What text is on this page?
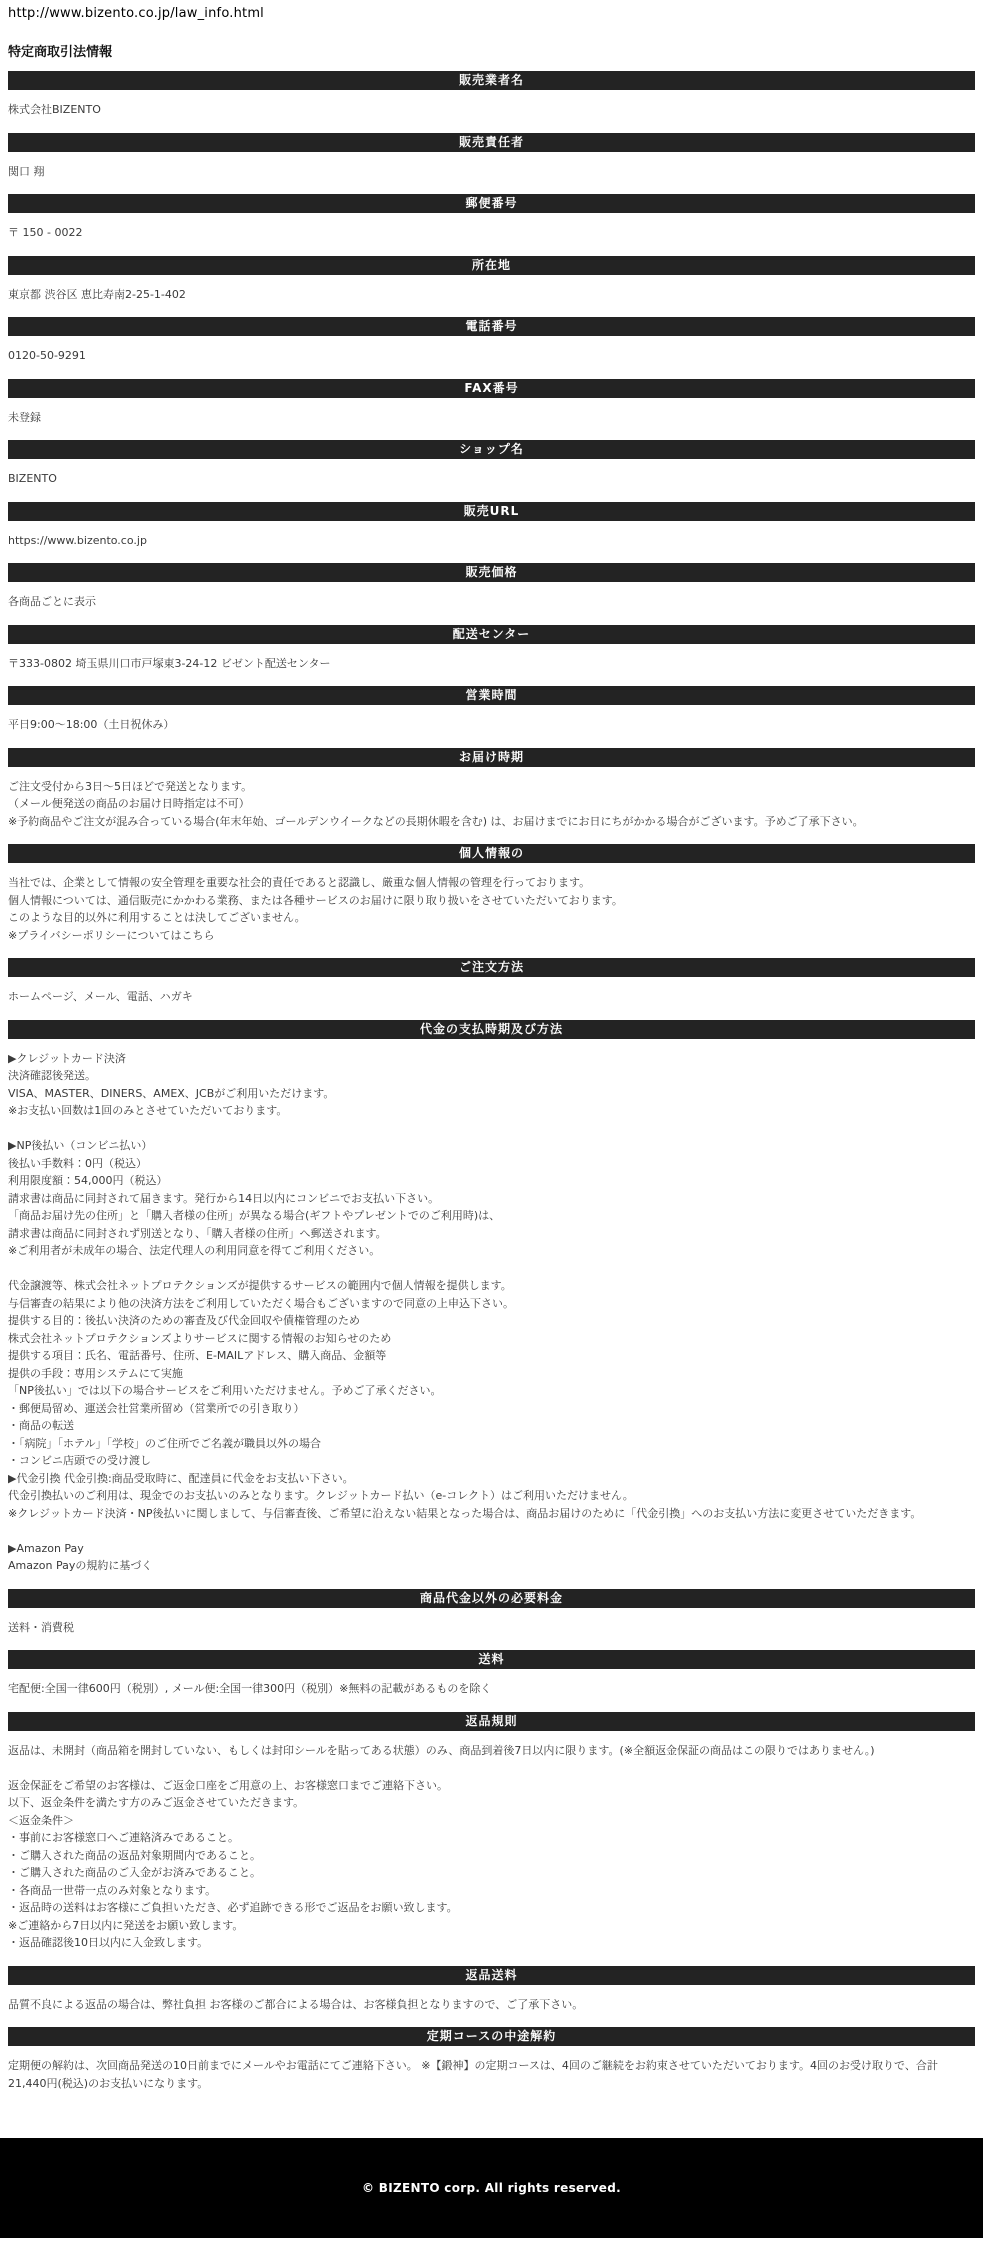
http://www.bizento.co.jp/law_info.html

特定商取引法情報
販売業者名

株式会社BIZENTO

販売責任者

関口 翔

郵便番号

〒 150 - 0022

所在地

東京都 渋谷区 恵比寿南2-25-1-402

電話番号

0120-50-9291

FAX番号

未登録

ショップ名

BIZENTO

販売URL

https://www.bizento.co.jp

販売価格

各商品ごとに表示

配送センター

〒333-0802 埼玉県川口市戸塚東3-24-12 ビゼント配送センター

営業時間

平日9:00～18:00（土日祝休み）

お届け時期

ご注文受付から3日～5日ほどで発送となります。

（メール便発送の商品のお届け日時指定は不可）

※予約商品やご注文が混み合っている場合(年末年始、ゴールデンウイークなどの長期休暇を含む) は、お届けまでにお日にちがかかる場合がございます。予めご了承下さい。

個人情報の

当社では、企業として情報の安全管理を重要な社会的責任であると認識し、厳重な個人情報の管理を行っております。

個人情報については、通信販売にかかわる業務、または各種サービスのお届けに限り取り扱いをさせていただいております。

このような目的以外に利用することは決してございません。

※プライバシーポリシーについてはこちら

ご注文方法

ホームページ、メール、電話、ハガキ

代金の支払時期及び方法

▶クレジットカード決済

決済確認後発送。

VISA、MASTER、DINERS、AMEX、JCBがご利用いただけます。

※お支払い回数は1回のみとさせていただいております。

▶NP後払い（コンビニ払い）

後払い手数料：0円（税込）

利用限度額：54,000円（税込）

請求書は商品に同封されて届きます。発行から14日以内にコンビニでお支払い下さい。

「商品お届け先の住所」と「購入者様の住所」が異なる場合(ギフトやプレゼントでのご利用時)は、

請求書は商品に同封されず別送となり、「購入者様の住所」へ郵送されます。

※ご利用者が未成年の場合、法定代理人の利用同意を得てご利用ください。

代金譲渡等、株式会社ネットプロテクションズが提供するサービスの範囲内で個人情報を提供します。

与信審査の結果により他の決済方法をご利用していただく場合もございますので同意の上申込下さい。

提供する目的：後払い決済のための審査及び代金回収や債権管理のため

株式会社ネットプロテクションズよりサービスに関する情報のお知らせのため

提供する項目：氏名、電話番号、住所、E-MAILアドレス、購入商品、金額等

提供の手段：専用システムにて実施

「NP後払い」では以下の場合サービスをご利用いただけません。予めご了承ください。

・郵便局留め、運送会社営業所留め（営業所での引き取り）

・商品の転送

・「病院」「ホテル」「学校」のご住所でご名義が職員以外の場合

・コンビニ店頭での受け渡し

▶代金引換 代金引換:商品受取時に、配達員に代金をお支払い下さい。

代金引換払いのご利用は、現金でのお支払いのみとなります。クレジットカード払い（e-コレクト）はご利用いただけません。

※クレジットカード決済・NP後払いに関しまして、与信審査後、ご希望に沿えない結果となった場合は、商品お届けのために「代金引換」へのお支払い方法に変更させていただきます。

▶Amazon Pay

Amazon Payの規約に基づく

商品代金以外の必要料金

送料・消費税

送料

宅配便:全国一律600円（税別）, メール便:全国一律300円（税別）※無料の記載があるものを除く

返品規則

返品は、未開封（商品箱を開封していない、もしくは封印シールを貼ってある状態）のみ、商品到着後7日以内に限ります。(※全額返金保証の商品はこの限りではありません。)

返金保証をご希望のお客様は、ご返金口座をご用意の上、お客様窓口までご連絡下さい。

以下、返金条件を満たす方のみご返金させていただきます。

＜返金条件＞

・事前にお客様窓口へご連絡済みであること。

・ご購入された商品の返品対象期間内であること。

・ご購入された商品のご入金がお済みであること。

・各商品一世帯一点のみ対象となります。

・返品時の送料はお客様にご負担いただき、必ず追跡できる形でご返品をお願い致します。

※ご連絡から7日以内に発送をお願い致します。

・返品確認後10日以内に入金致します。

返品送料

品質不良による返品の場合は、弊社負担 お客様のご都合による場合は、お客様負担となりますので、ご了承下さい。

定期コースの中途解約

定期便の解約は、次回商品発送の10日前までにメールやお電話にてご連絡下さい。 ※【鍛神】の定期コースは、4回のご継続をお約束させていただいております。4回のお受け取りで、合計21,440円(税込)のお支払いになります。

© BIZENTO corp. All rights reserved.
